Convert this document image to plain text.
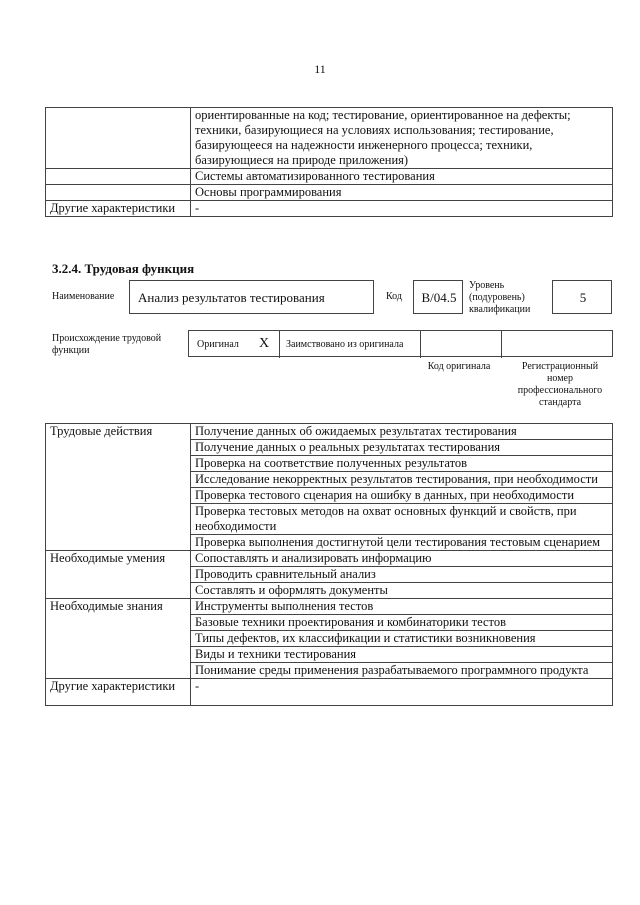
11
	ориентированные на код; тестирование, ориентированное на дефекты; техники, базирующиеся на условиях использования; тестирование, базирующееся на надежности инженерного процесса; техники, базирующиеся на природе приложения)
	Системы автоматизированного тестирования
	Основы программирования
Другие характеристики	-
3.2.4. Трудовая функция
Наименование Анализ результатов тестирования	Код	B/04.5
Уровень (подуровень) квалификации
5
Происхождение трудовой функции
Оригинал X Заимствовано из оригинала
Код оригинала	Регистрационный номер профессионального стандарта
Трудовые действия	Получение данных об ожидаемых результатах тестирования
	Получение данных о реальных результатах тестирования
	Проверка на соответствие полученных результатов
	Исследование некорректных результатов тестирования, при необходимости
	Проверка тестового сценария на ошибку в данных, при необходимости
	Проверка тестовых методов на охват основных функций и свойств, при необходимости
	Проверка выполнения достигнутой цели тестирования тестовым сценарием
Необходимые умения	Сопоставлять и анализировать информацию
	Проводить сравнительный анализ
	Составлять и оформлять документы
Необходимые знания	Инструменты выполнения тестов
	Базовые техники проектирования и комбинаторики тестов
	Типы дефектов, их классификации и статистики возникновения
	Виды и техники тестирования
	Понимание среды применения разрабатываемого программного продукта
Другие характеристики	-
